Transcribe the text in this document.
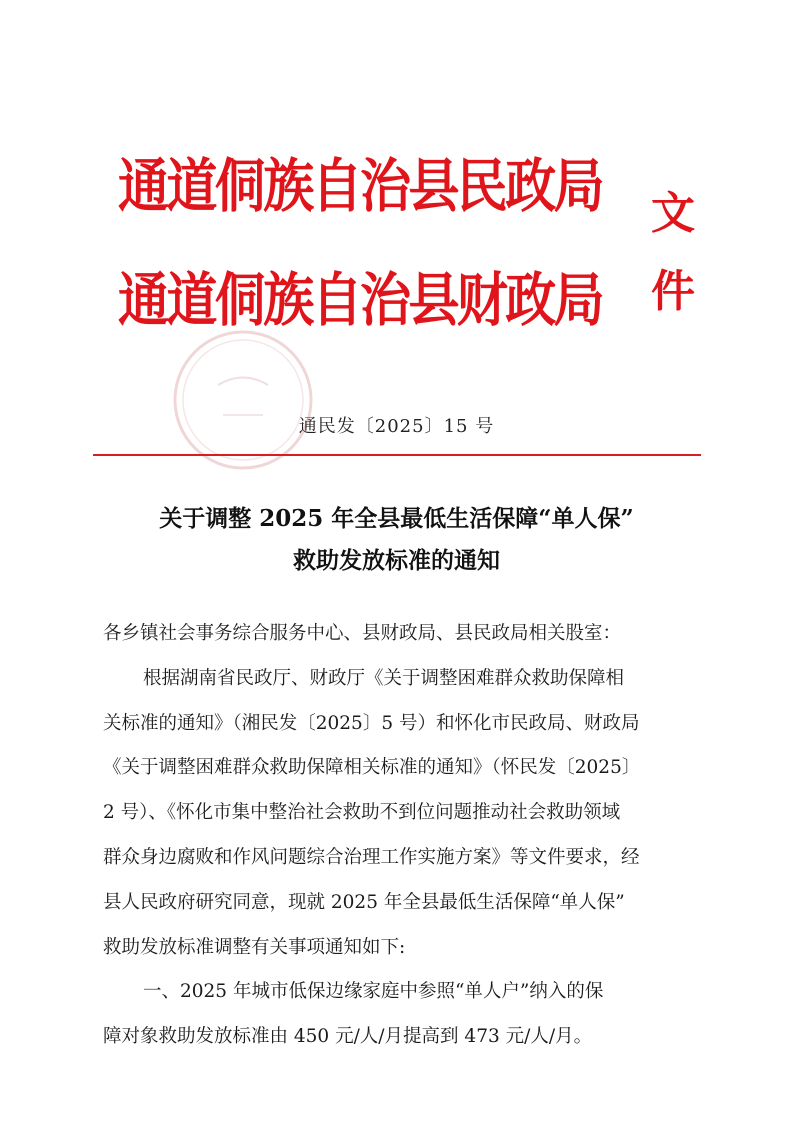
通道侗族自治县民政局
通道侗族自治县财政局
文
件
通民发〔2025〕15 号
关于调整 2025 年全县最低生活保障“单人保”
救助发放标准的通知
各乡镇社会事务综合服务中心、县财政局、县民政局相关股室：
根据湖南省民政厅、财政厅《关于调整困难群众救助保障相
关标准的通知》（湘民发〔2025〕5 号）和怀化市民政局、财政局
《关于调整困难群众救助保障相关标准的通知》（怀民发〔2025〕
2 号）、《怀化市集中整治社会救助不到位问题推动社会救助领域
群众身边腐败和作风问题综合治理工作实施方案》等文件要求，经
县人民政府研究同意，现就 2025 年全县最低生活保障“单人保”
救助发放标准调整有关事项通知如下:
一、2025 年城市低保边缘家庭中参照“单人户”纳入的保
障对象救助发放标准由 450 元/人/月提高到 473 元/人/月。
